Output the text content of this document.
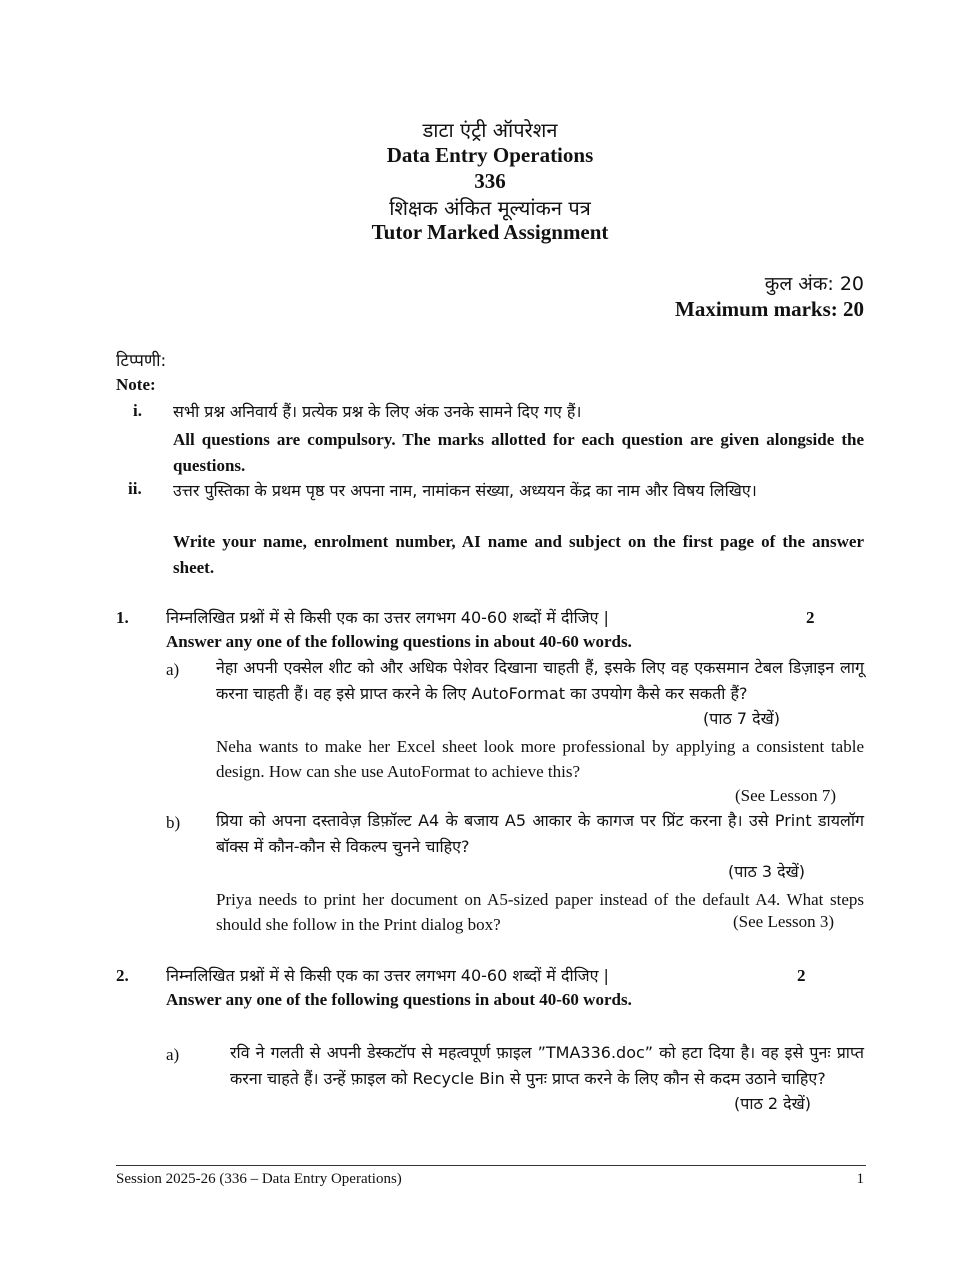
डाटा एंट्री ऑपरेशन
Data Entry Operations
336
शिक्षक अंकित मूल्यांकन पत्र
Tutor Marked Assignment
कुल अंक: 20
Maximum marks: 20
टिप्पणी:
Note:
i. सभी प्रश्न अनिवार्य हैं। प्रत्येक प्रश्न के लिए अंक उनके सामने दिए गए हैं।
All questions are compulsory. The marks allotted for each question are given alongside the questions.
ii. उत्तर पुस्तिका के प्रथम पृष्ठ पर अपना नाम, नामांकन संख्या, अध्ययन केंद्र का नाम और विषय लिखिए।
Write your name, enrolment number, AI name and subject on the first page of the answer sheet.
1. निम्नलिखित प्रश्नों में से किसी एक का उत्तर लगभग 40-60 शब्दों में दीजिए |	2
Answer any one of the following questions in about 40-60 words.
a) नेहा अपनी एक्सेल शीट को और अधिक पेशेवर दिखाना चाहती हैं, इसके लिए वह एकसमान टेबल डिज़ाइन लागू करना चाहती हैं। वह इसे प्राप्त करने के लिए AutoFormat का उपयोग कैसे कर सकती हैं?
(पाठ 7 देखें)
Neha wants to make her Excel sheet look more professional by applying a consistent table design. How can she use AutoFormat to achieve this?
(See Lesson 7)
b) प्रिया को अपना दस्तावेज़ डिफ़ॉल्ट A4 के बजाय A5 आकार के कागज पर प्रिंट करना है। उसे Print डायलॉग बॉक्स में कौन-कौन से विकल्प चुनने चाहिए?
(पाठ 3 देखें)
Priya needs to print her document on A5-sized paper instead of the default A4. What steps should she follow in the Print dialog box?	(See Lesson 3)
2. निम्नलिखित प्रश्नों में से किसी एक का उत्तर लगभग 40-60 शब्दों में दीजिए |	2
Answer any one of the following questions in about 40-60 words.
a)	रवि ने गलती से अपनी डेस्कटॉप से महत्वपूर्ण फ़ाइल ”TMA336.doc” को हटा दिया है। वह इसे पुनः प्राप्त करना चाहते हैं। उन्हें फ़ाइल को Recycle Bin से पुनः प्राप्त करने के लिए कौन से कदम उठाने चाहिए?
(पाठ 2 देखें)
Session 2025-26 (336 – Data Entry Operations)	1
